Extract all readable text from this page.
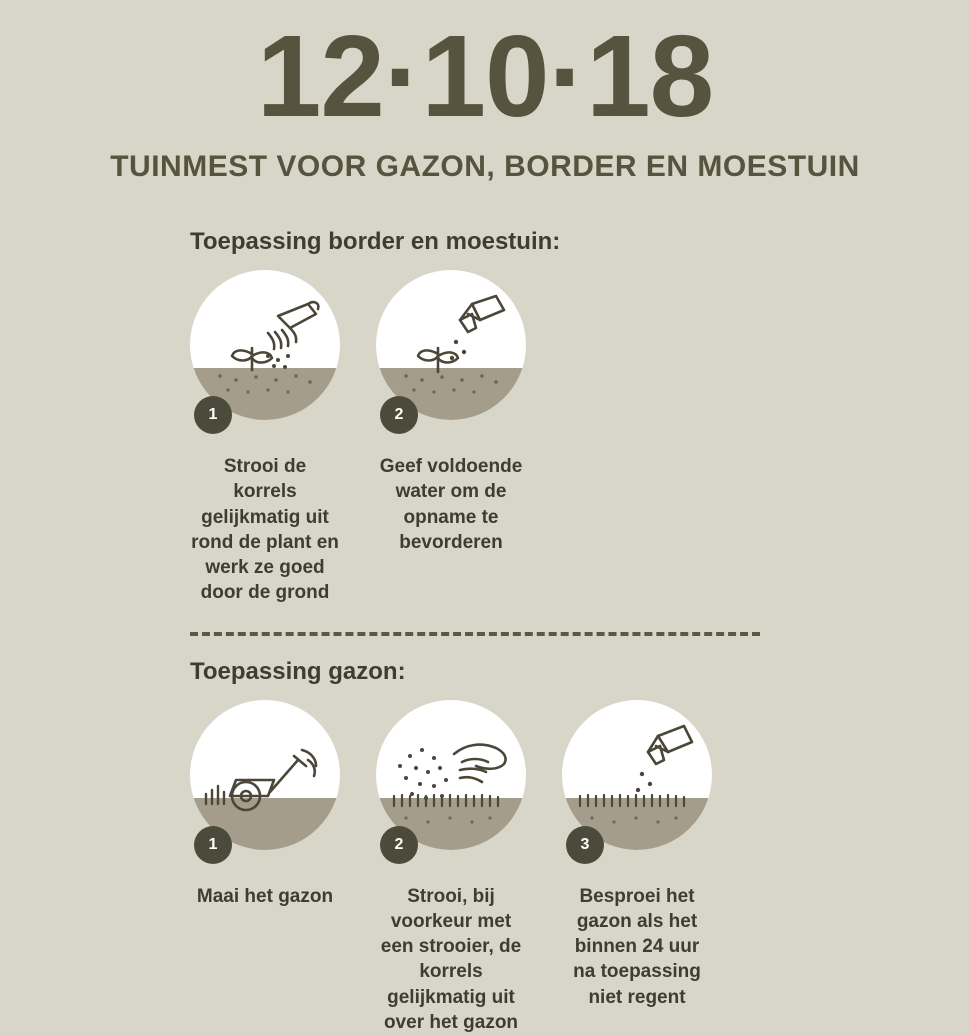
12·10·18
TUINMEST VOOR GAZON, BORDER EN MOESTUIN
Toepassing border en moestuin:
1
Strooi de korrels gelijkmatig uit rond de plant en werk ze goed door de grond
2
Geef voldoende water om de opname te bevorderen
Toepassing gazon:
1
Maai het gazon
2
Strooi, bij voorkeur met een strooier, de korrels gelijkmatig uit over het gazon
3
Besproei het gazon als het binnen 24 uur na toepassing niet regent
